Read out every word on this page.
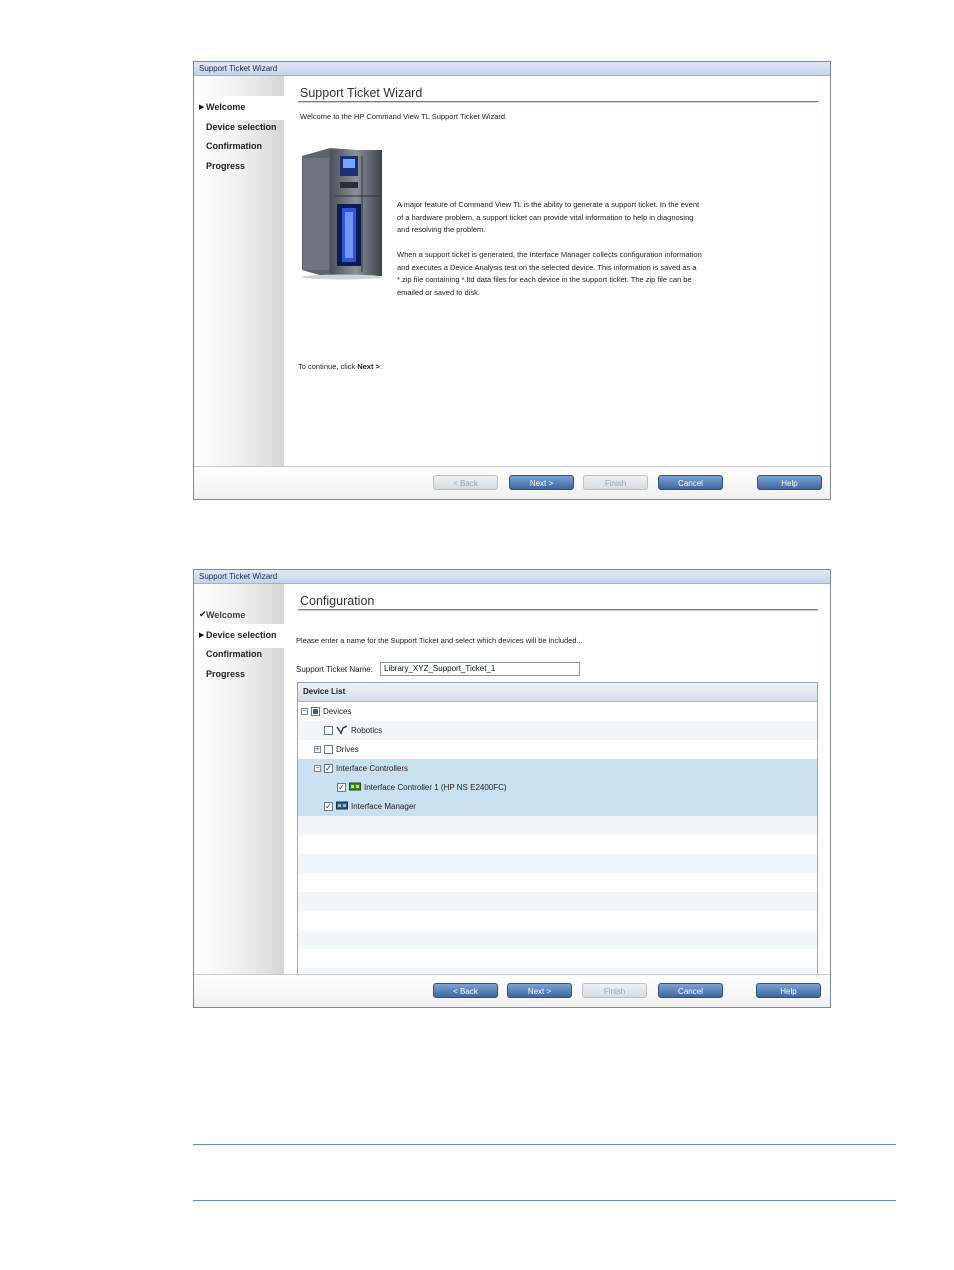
Support Ticket Wizard
▶ Welcome
Device selection
Confirmation
Progress
Support Ticket Wizard
Welcome to the HP Command View TL Support Ticket Wizard
A major feature of Command View TL is the ability to generate a support ticket. In the event of a hardware problem, a support ticket can provide vital information to help in diagnosing and resolving the problem.
When a support ticket is generated, the Interface Manager collects configuration information and executes a Device Analysis test on the selected device. This information is saved as a *.zip file containing *.ltd data files for each device in the support ticket. The zip file can be emailed or saved to disk.
To continue, click Next >.
< Back	Next >	Finish	Cancel	Help
Support Ticket Wizard
✔ Welcome
▶ Device selection
Confirmation
Progress
Configuration
Please enter a name for the Support Ticket and select which devices will be included...
Support Ticket Name:
Library_XYZ_Support_Ticket_1
Device List
− Devices
Robotics
+ Drives
− ✓ Interface Controllers
✓ Interface Controller 1 (HP NS E2400FC)
✓ Interface Manager
< Back	Next >	Finish	Cancel	Help
